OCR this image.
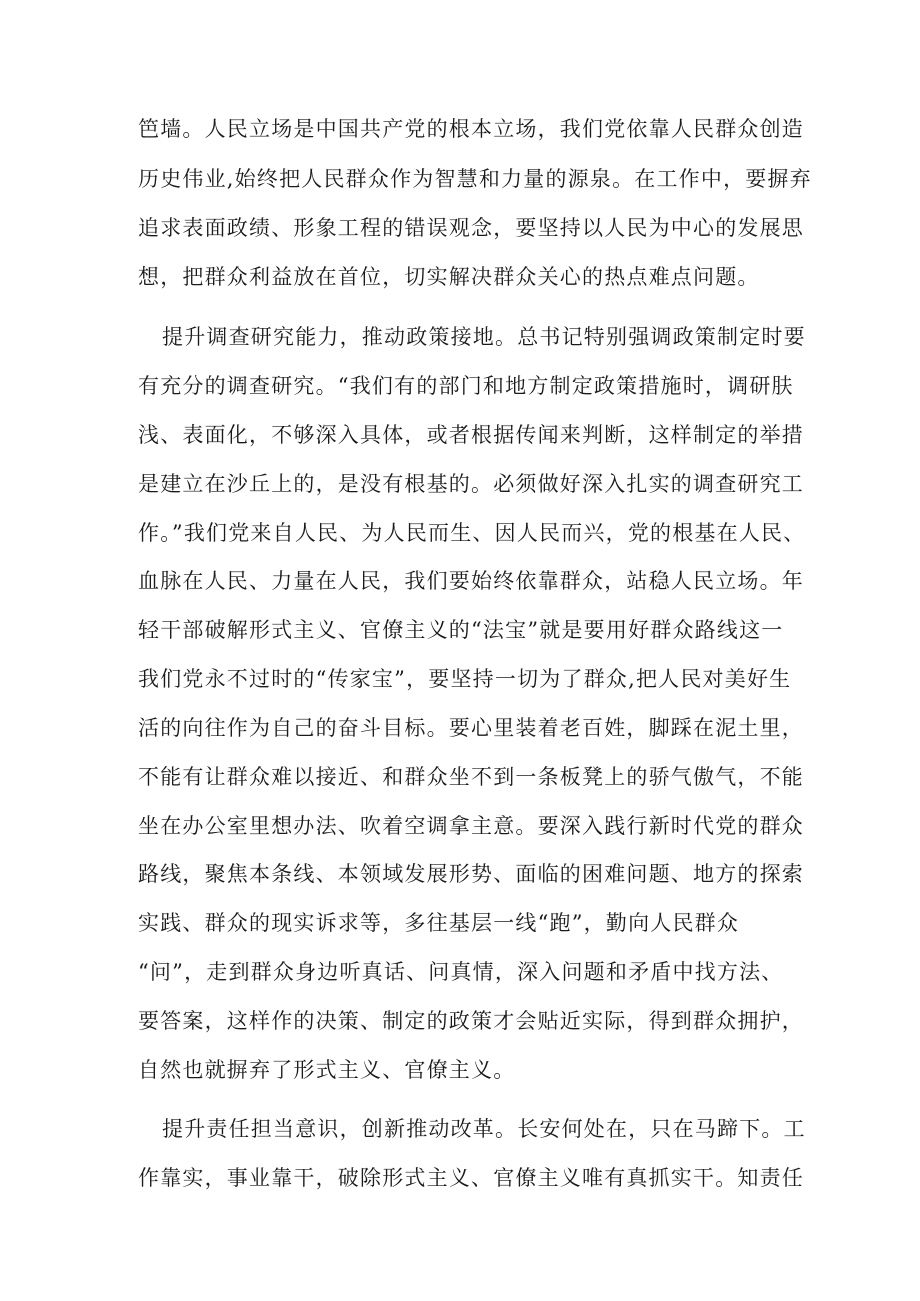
笆墙。人民立场是中国共产党的根本立场，我们党依靠人民群众创造
历史伟业,始终把人民群众作为智慧和力量的源泉。在工作中，要摒弃
追求表面政绩、形象工程的错误观念，要坚持以人民为中心的发展思
想，把群众利益放在首位，切实解决群众关心的热点难点问题。
提升调查研究能力，推动政策接地。总书记特别强调政策制定时要
有充分的调查研究。“我们有的部门和地方制定政策措施时，调研肤
浅、表面化，不够深入具体，或者根据传闻来判断，这样制定的举措
是建立在沙丘上的，是没有根基的。必须做好深入扎实的调查研究工
作。”我们党来自人民、为人民而生、因人民而兴，党的根基在人民、
血脉在人民、力量在人民，我们要始终依靠群众，站稳人民立场。年
轻干部破解形式主义、官僚主义的“法宝”就是要用好群众路线这一
我们党永不过时的“传家宝”，要坚持一切为了群众,把人民对美好生
活的向往作为自己的奋斗目标。要心里装着老百姓，脚踩在泥土里，
不能有让群众难以接近、和群众坐不到一条板凳上的骄气傲气，不能
坐在办公室里想办法、吹着空调拿主意。要深入践行新时代党的群众
路线，聚焦本条线、本领域发展形势、面临的困难问题、地方的探索
实践、群众的现实诉求等，多往基层一线“跑”，勤向人民群众
“问”，走到群众身边听真话、问真情，深入问题和矛盾中找方法、
要答案，这样作的决策、制定的政策才会贴近实际，得到群众拥护，
自然也就摒弃了形式主义、官僚主义。
提升责任担当意识，创新推动改革。长安何处在，只在马蹄下。工
作靠实，事业靠干，破除形式主义、官僚主义唯有真抓实干。知责任
